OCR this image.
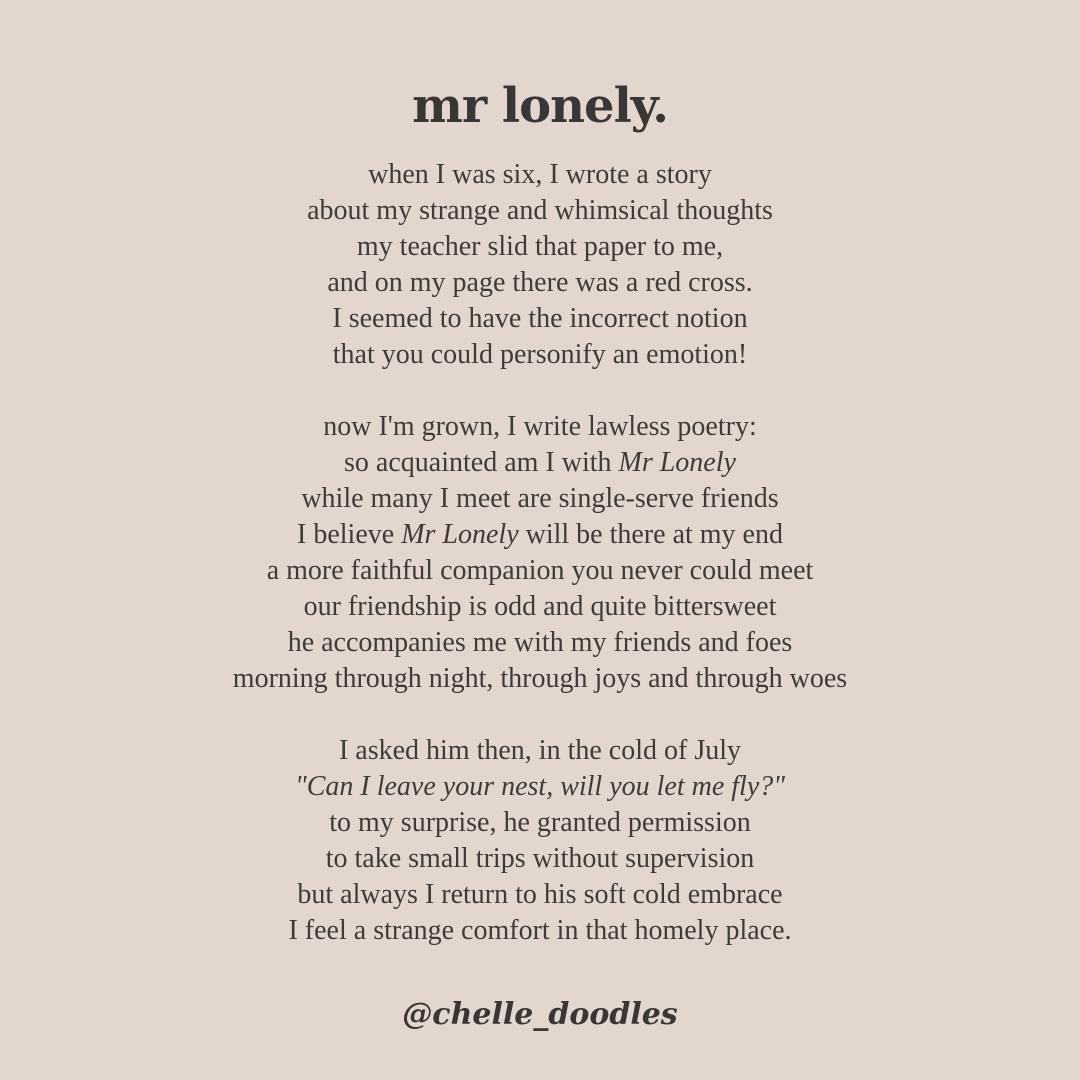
mr lonely.
when I was six, I wrote a story
about my strange and whimsical thoughts
my teacher slid that paper to me,
and on my page there was a red cross.
I seemed to have the incorrect notion
that you could personify an emotion!
now I'm grown, I write lawless poetry:
so acquainted am I with Mr Lonely
while many I meet are single-serve friends
I believe Mr Lonely will be there at my end
a more faithful companion you never could meet
our friendship is odd and quite bittersweet
he accompanies me with my friends and foes
morning through night, through joys and through woes
I asked him then, in the cold of July
"Can I leave your nest, will you let me fly?"
to my surprise, he granted permission
to take small trips without supervision
but always I return to his soft cold embrace
I feel a strange comfort in that homely place.
@chelle_doodles
